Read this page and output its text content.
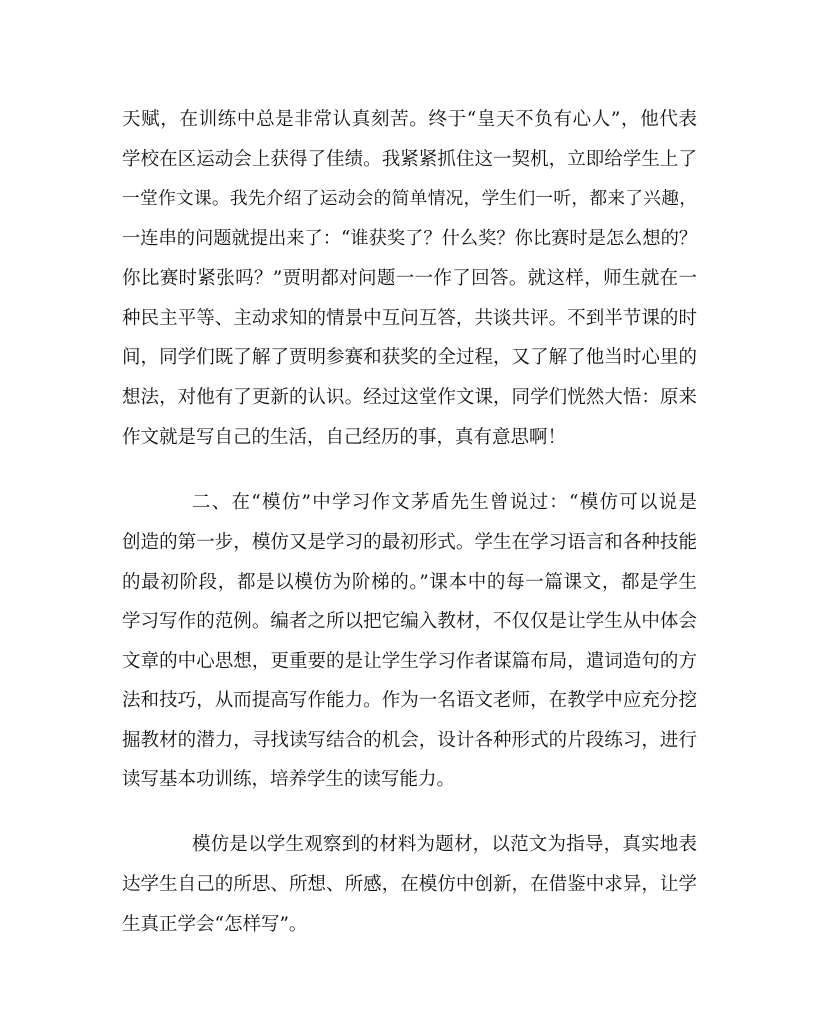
天赋，在训练中总是非常认真刻苦。终于“皇天不负有心人”，他代表
学校在区运动会上获得了佳绩。我紧紧抓住这一契机，立即给学生上了
一堂作文课。我先介绍了运动会的简单情况，学生们一听，都来了兴趣，
一连串的问题就提出来了：“谁获奖了？什么奖？你比赛时是怎么想的？
你比赛时紧张吗？”贾明都对问题一一作了回答。就这样，师生就在一
种民主平等、主动求知的情景中互问互答，共谈共评。不到半节课的时
间，同学们既了解了贾明参赛和获奖的全过程，又了解了他当时心里的
想法，对他有了更新的认识。经过这堂作文课，同学们恍然大悟：原来
作文就是写自己的生活，自己经历的事，真有意思啊！
二、在“模仿”中学习作文茅盾先生曾说过：“模仿可以说是
创造的第一步，模仿又是学习的最初形式。学生在学习语言和各种技能
的最初阶段，都是以模仿为阶梯的。”课本中的每一篇课文，都是学生
学习写作的范例。编者之所以把它编入教材，不仅仅是让学生从中体会
文章的中心思想，更重要的是让学生学习作者谋篇布局，遣词造句的方
法和技巧，从而提高写作能力。作为一名语文老师，在教学中应充分挖
掘教材的潜力，寻找读写结合的机会，设计各种形式的片段练习，进行
读写基本功训练，培养学生的读写能力。
模仿是以学生观察到的材料为题材，以范文为指导，真实地表
达学生自己的所思、所想、所感，在模仿中创新，在借鉴中求异，让学
生真正学会“怎样写”。
